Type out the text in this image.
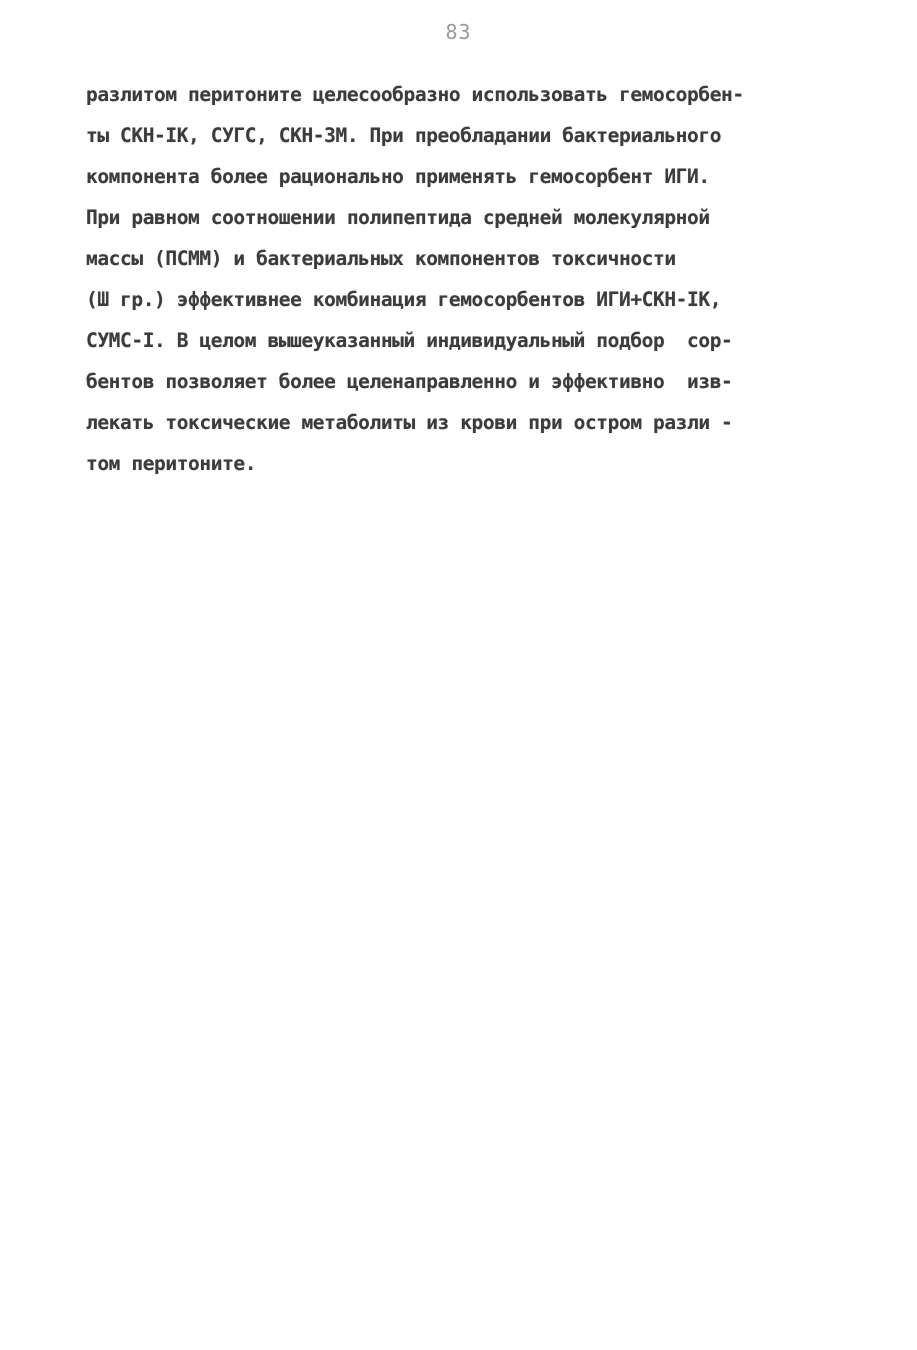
83
разлитом перитоните целесообразно использовать гемосорбен-
ты СКН-IК, СУГС, СКН-3М. При преобладании бактериального
компонента более рационально применять гемосорбент ИГИ.
При равном соотношении полипептида средней молекулярной
массы (ПСММ) и бактериальных компонентов токсичности
(Ш гр.) эффективнее комбинация гемосорбентов ИГИ+СКН-IК,
СУМС-I. В целом вышеуказанный индивидуальный подбор  сор-
бентов позволяет более целенаправленно и эффективно  изв-
лекать токсические метаболиты из крови при остром разли -
том перитоните.
